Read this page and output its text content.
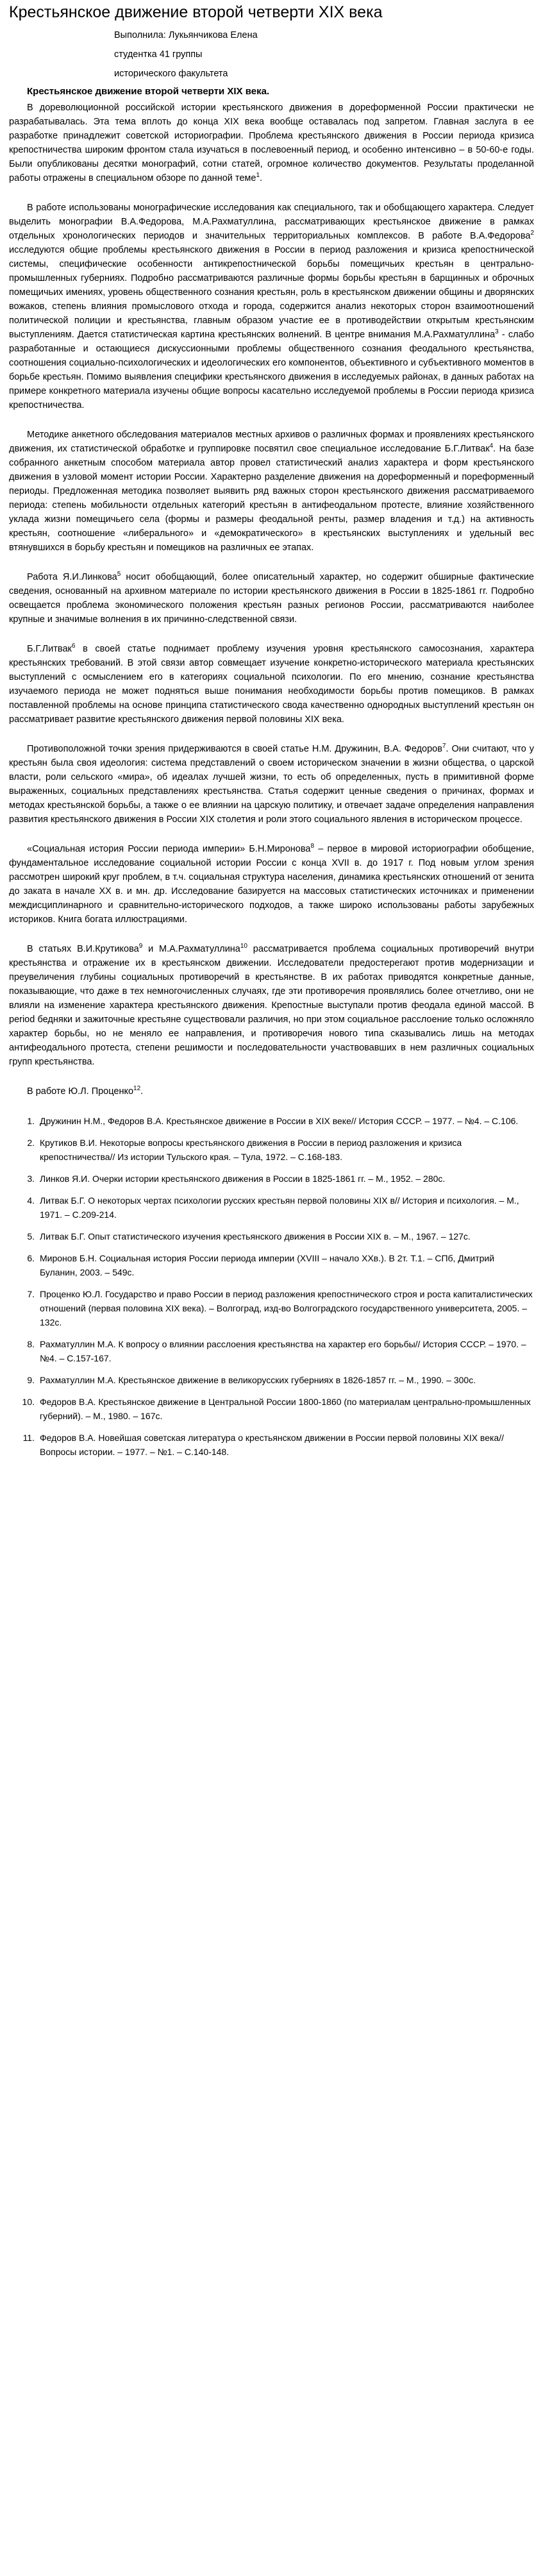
Крестьянское движение второй четверти XIX века
Выполнила: Лукьянчикова Елена
студентка 41 группы
исторического факультета
Крестьянское движение второй четверти XIX века.

В дореволюционной российской истории крестьянского движения в дореформенной России практически не разрабатывалась. Эта тема вплоть до конца XIX века вообще оставалась под запретом. Главная заслуга в ее разработке принадлежит советской историографии. Проблема крестьянского движения в России периода кризиса крепостничества широким фронтом стала изучаться в послевоенный период, и особенно интенсивно – в 50-60-е годы. Были опубликованы десятки монографий, сотни статей, огромное количество документов. Результаты проделанной работы отражены в специальном обзоре по данной теме$^1$.

В работе использованы монографические исследования как специального, так и обобщающего характера. Следует выделить монографии В.А.Федорова, М.А.Рахматуллина, рассматривающих крестьянское движение в рамках отдельных хронологических периодов и значительных территориальных комплексов. В работе В.А.Федорова$^2$ исследуются общие проблемы крестьянского движения в России в период разложения и кризиса крепостнической системы, специфические особенности антикрепостнической борьбы помещичьих крестьян в центрально-промышленных губерниях. Подробно рассматриваются различные формы борьбы крестьян в барщинных и оброчных помещичьих имениях, уровень общественного сознания крестьян, роль в крестьянском движении общины и дворянских вожаков, степень влияния промыслового отхода и города, содержится анализ некоторых сторон взаимоотношений политической полиции и крестьянства, главным образом участие ее в противодействии открытым крестьянским выступлениям. Дается статистическая картина крестьянских волнений. В центре внимания М.А.Рахматуллина$^3$ - слабо разработанные и остающиеся дискуссионными проблемы общественного сознания феодального крестьянства, соотношения социально-психологических и идеологических его компонентов, объективного и субъективного моментов в борьбе крестьян. Помимо выявления специфики крестьянского движения в исследуемых районах, в данных работах на примере конкретного материала изучены общие вопросы касательно исследуемой проблемы в России периода кризиса крепостничества.

Методике анкетного обследования материалов местных архивов о различных формах и проявлениях крестьянского движения, их статистической обработке и группировке посвятил свое специальное исследование Б.Г.Литвак$^4$. На базе собранного анкетным способом материала автор провел статистический анализ характера и форм крестьянского движения в узловой момент истории России. Характерно разделение движения на дореформенный и пореформенный периоды. Предложенная методика позволяет выявить ряд важных сторон крестьянского движения рассматриваемого периода: степень мобильности отдельных категорий крестьян в антифеодальном протесте, влияние хозяйственного уклада жизни помещичьего села (формы и размеры феодальной ренты, размер владения и т.д.) на активность крестьян, соотношение «либерального» и «демократического» в крестьянских выступлениях и удельный вес втянувшихся в борьбу крестьян и помещиков на различных ее этапах.

Работа Я.И.Линкова$^5$ носит обобщающий, более описательный характер, но содержит обширные фактические сведения, основанный на архивном материале по истории крестьянского движения в России в 1825-1861 гг. Подробно освещается проблема экономического положения крестьян разных регионов России, рассматриваются наиболее крупные и значимые волнения в их причинно-следственной связи.

Б.Г.Литвак$^6$ в своей статье поднимает проблему изучения уровня крестьянского самосознания, характера крестьянских требований. В этой связи автор совмещает изучение конкретно-исторического материала крестьянских выступлений с осмыслением его в категориях социальной психологии. По его мнению, сознание крестьянства изучаемого периода не может подняться выше понимания необходимости борьбы против помещиков. В рамках поставленной проблемы на основе принципа статистического свода качественно однородных выступлений крестьян он рассматривает развитие крестьянского движения первой половины XIX века.

Противоположной точки зрения придерживаются в своей статье Н.М. Дружинин, В.А. Федоров$^7$. Они считают, что у крестьян была своя идеология: система представлений о своем историческом значении в жизни общества, о царской власти, роли сельского «мира», об идеалах лучшей жизни, то есть об определенных, пусть в примитивной форме выраженных, социальных представлениях крестьянства. Статья содержит ценные сведения о причинах, формах и методах крестьянской борьбы, а также о ее влиянии на царскую политику, и отвечает задаче определения направления развития крестьянского движения в России XIX столетия и роли этого социального явления в историческом процессе.

«Социальная история России периода империи» Б.Н.Миронова$^8$ – первое в мировой историографии обобщение, фундаментальное исследование социальной истории России с конца XVII в. до 1917 г. Под новым углом зрения рассмотрен широкий круг проблем, в т.ч. социальная структура населения, динамика крестьянских отношений от зенита до заката в начале XX в. и мн. др. Исследование базируется на массовых статистических источниках и применении междисциплинарного и сравнительно-исторического подходов, а также широко использованы работы зарубежных историков. Книга богата иллюстрациями.

В статьях В.И.Крутикова$^9$ и М.А.Рахматуллина$^{10}$ рассматривается проблема социальных противоречий внутри крестьянства и отражение их в крестьянском движении. Исследователи предостерегают против модернизации и преувеличения глубины социальных противоречий в крестьянстве. В их работах приводятся конкретные данные, показывающие, что даже в тех немногочисленных случаях, где эти противоречия проявлялись более отчетливо, они не влияли на изменение характера крестьянского движения. Крепостные выступали против феодала единой массой. В period бедняки и зажиточные крестьяне существовали различия, но при этом социальное расслоение только осложняло характер борьбы, но не меняло ее направления, и противоречия нового типа сказывались лишь на методах антифеодального протеста, степени решимости и последовательности участвовавших в нем различных социальных групп крестьянства.

В работе Ю.Л. Проценко$^{12}$.

1. Дружинин Н.М., Федоров В.А. Крестьянское движение в России в XIX веке// История СССР. – 1977. – №4. – С.106.
2. Крутиков В.И. Некоторые вопросы крестьянского движения в России в период разложения и кризиса крепостничества// Из истории Тульского края. – Тула, 1972. – С.168-183.
3. Линков Я.И. Очерки истории крестьянского движения в России в 1825-1861 гг. – М., 1952. – 280с.
4. Литвак Б.Г. О некоторых чертах психологии русских крестьян первой половины XIX в// История и психология. – М., 1971. – С.209-214.
5. Литвак Б.Г. Опыт статистического изучения крестьянского движения в России XIX в. – М., 1967. – 127с.
6. Миронов Б.Н. Социальная история России периода империи (XVIII – начало XXв.). В 2т. Т.1. – СПб, Дмитрий Буланин, 2003. – 549с.
7. Проценко Ю.Л. Государство и право России в период разложения крепостнического строя и роста капиталистических отношений (первая половина XIX века). – Волгоград, изд-во Волгоградского государственного университета, 2005. – 132с.
8. Рахматуллин М.А. К вопросу о влиянии расслоения крестьянства на характер его борьбы// История СССР. – 1970. – №4. – С.157-167.
9. Рахматуллин М.А. Крестьянское движение в великорусских губерниях в 1826-1857 гг. – М., 1990. – 300с.
10. Федоров В.А. Крестьянское движение в Центральной России 1800-1860 (по материалам центрально-промышленных губерний). – М., 1980. – 167с.
11. Федоров В.А. Новейшая советская литература о крестьянском движении в России первой половины XIX века// Вопросы истории. – 1977. – №1. – С.140-148.
